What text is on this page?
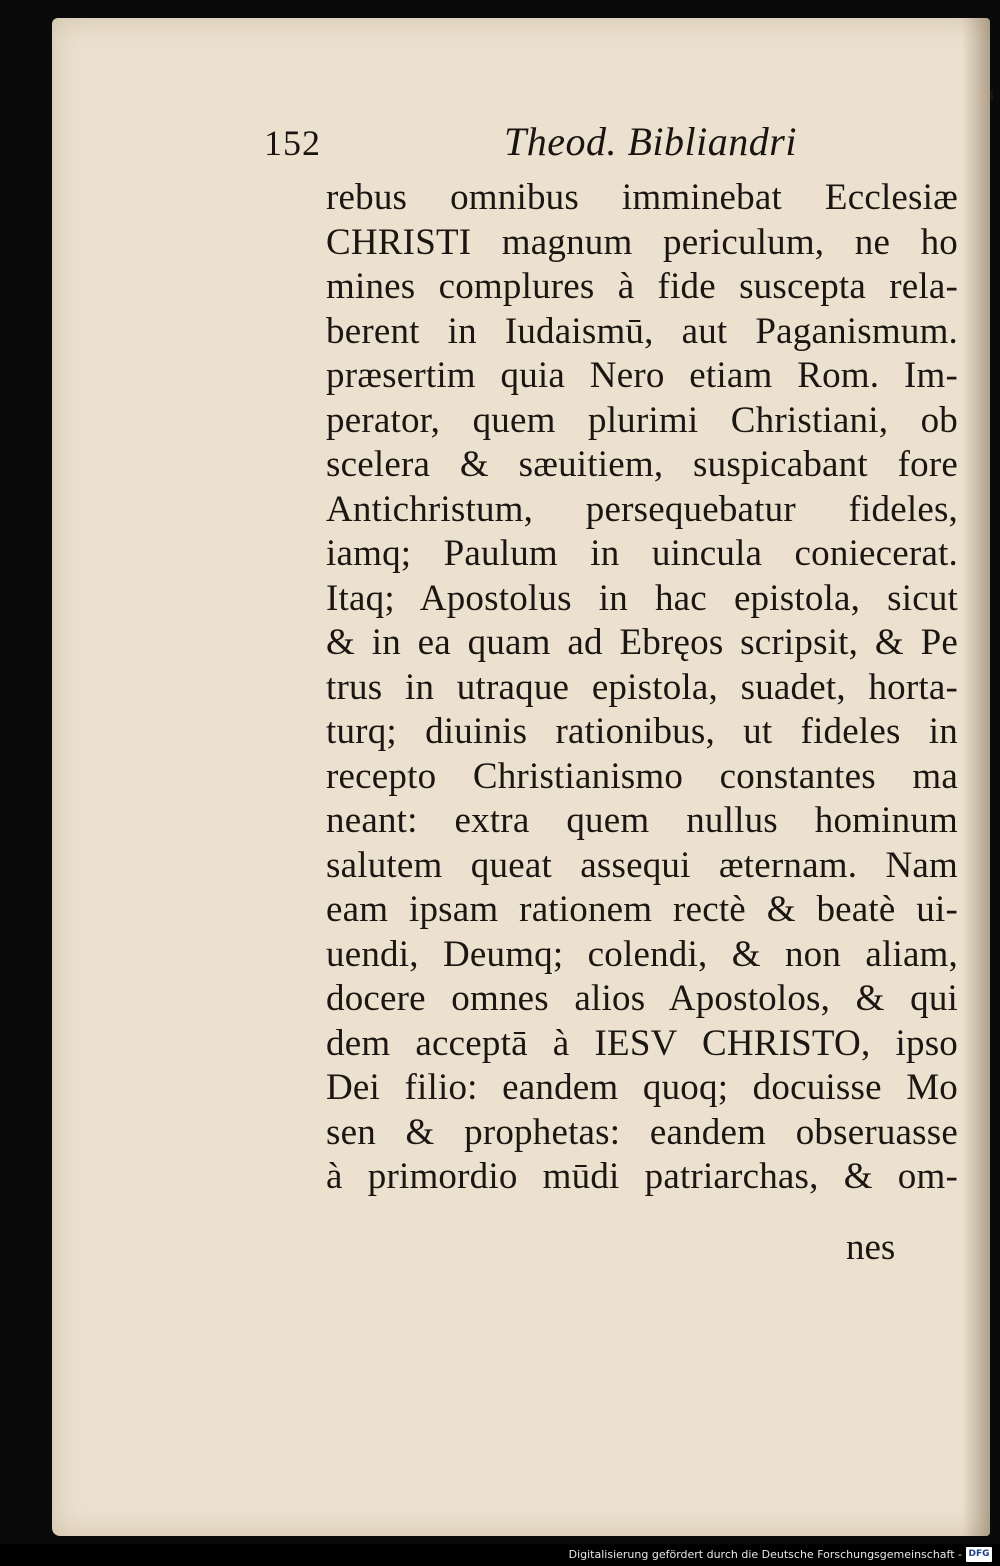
152	Theod. Bibliandri
rebus omnibus imminebat Ecclesiæ
CHRISTI magnum periculum, ne ho
mines complures à fide susceptа rela-
berent in Iudaismū, aut Paganismum.
præsertim quia Nero etiam Rom. Im-
perator, quem plurimi Christiani, ob
scelera & sæuitiem, suspicabant fore
Antichristum, persequebatur fideles,
iamq; Paulum in uincula coniecerat.
Itaq; Apostolus in hac epistola, sicut
& in ea quam ad Ebręos scripsit, & Pe
trus in utraque epistola, suadet, horta-
turq; diuinis rationibus, ut fideles in
recepto Christianismo constantes ma
neant: extra quem nullus hominum
salutem queat assequi æternam. Nam
eam ipsam rationem rectè & beatè ui-
uendi, Deumq; colendi, & non aliam,
docere omnes alios Apostolos, & qui
dem acceptā à IESV CHRISTO, ipso
Dei filio: eandem quoq; docuisse Mo
sen & prophetas: eandem obseruasse
à primordio mūdi patriarchas, & om-
nes
Digitalisierung gefördert durch die Deutsche Forschungsgemeinschaft - DFG
